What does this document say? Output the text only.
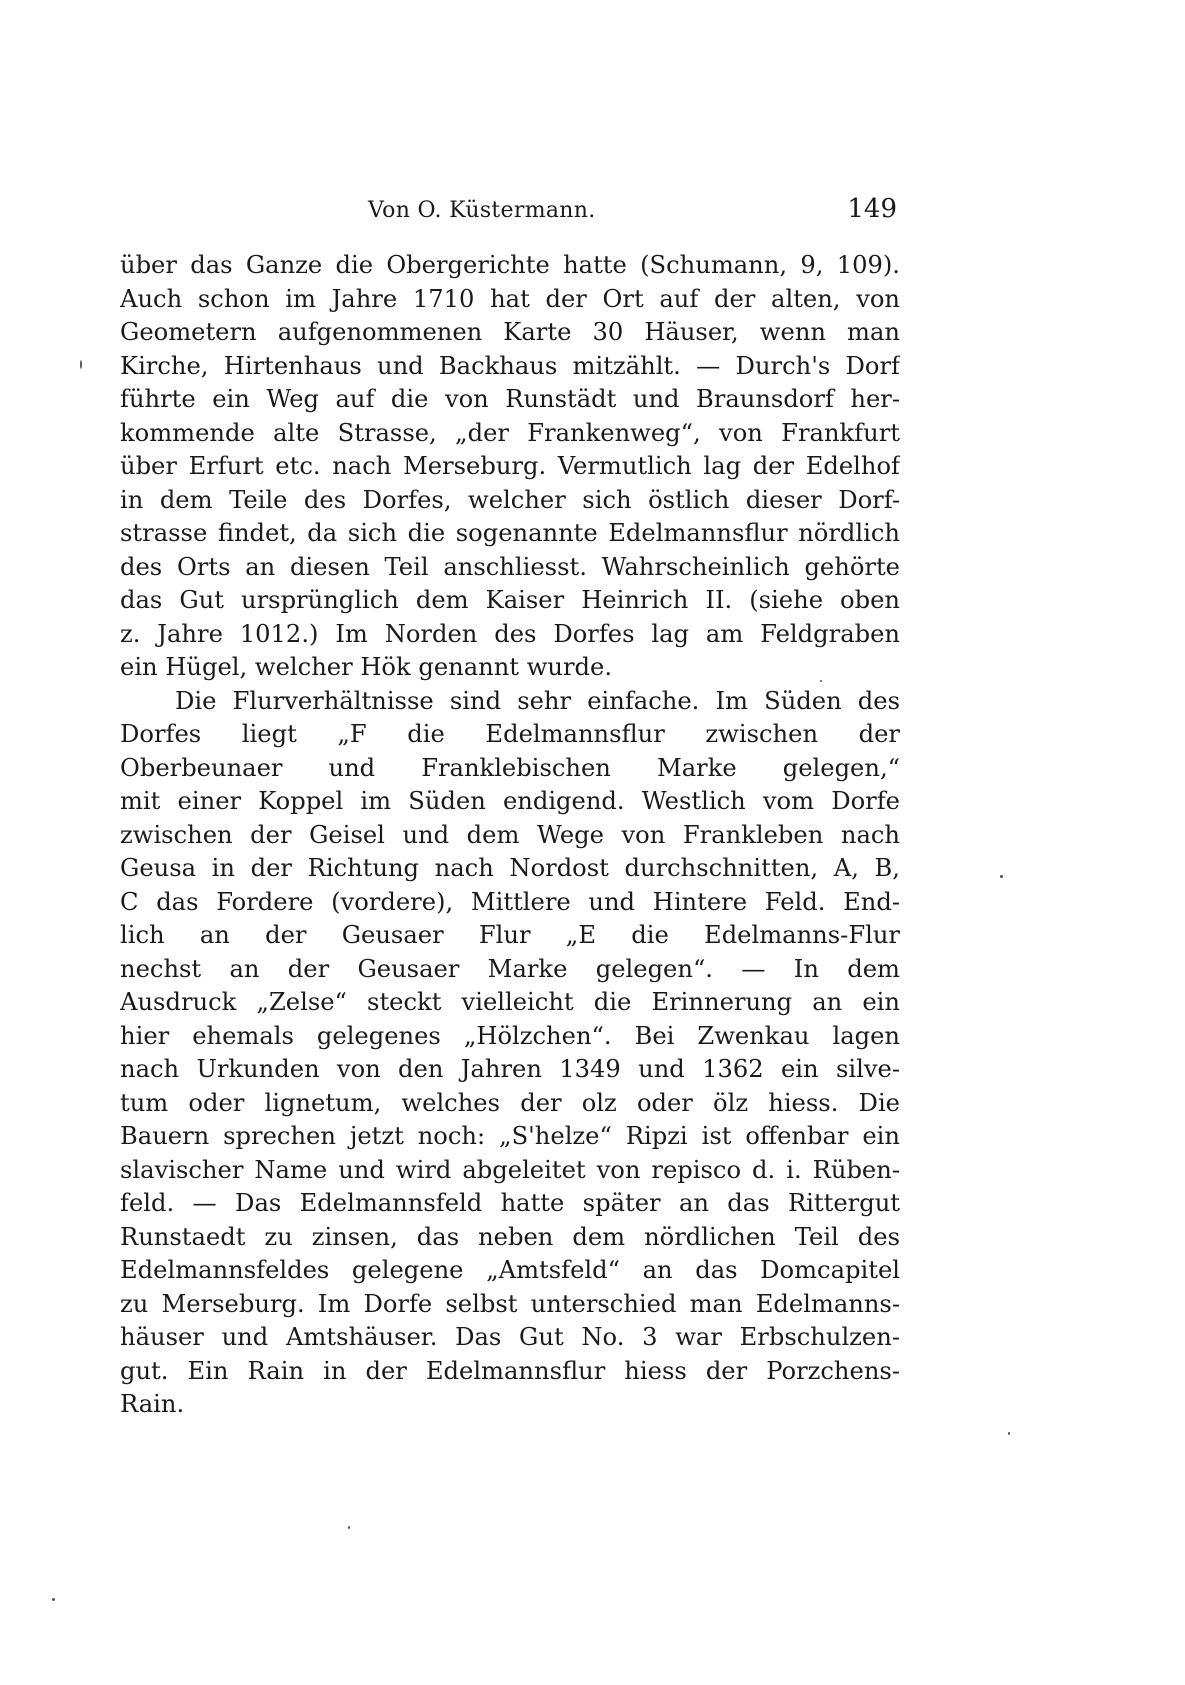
Von O. Küstermann.	149
über das Ganze die Obergerichte hatte (Schumann, 9, 109).
Auch schon im Jahre 1710 hat der Ort auf der alten, von
Geometern aufgenommenen Karte 30 Häuser, wenn man
Kirche, Hirtenhaus und Backhaus mitzählt. — Durch's Dorf
führte ein Weg auf die von Runstädt und Braunsdorf her-
kommende alte Strasse, „der Frankenweg“, von Frankfurt
über Erfurt etc. nach Merseburg. Vermutlich lag der Edelhof
in dem Teile des Dorfes, welcher sich östlich dieser Dorf-
strasse findet, da sich die sogenannte Edelmannsflur nördlich
des Orts an diesen Teil anschliesst. Wahrscheinlich gehörte
das Gut ursprünglich dem Kaiser Heinrich II. (siehe oben
z. Jahre 1012.) Im Norden des Dorfes lag am Feldgraben
ein Hügel, welcher Hök genannt wurde.
Die Flurverhältnisse sind sehr einfache. Im Süden des
Dorfes liegt „F die Edelmannsflur zwischen der
Oberbeunaer und Franklebischen Marke gelegen,“
mit einer Koppel im Süden endigend. Westlich vom Dorfe
zwischen der Geisel und dem Wege von Frankleben nach
Geusa in der Richtung nach Nordost durchschnitten, A, B,
C das Fordere (vordere), Mittlere und Hintere Feld. End-
lich an der Geusaer Flur „E die Edelmanns-Flur
nechst an der Geusaer Marke gelegen“. — In dem
Ausdruck „Zelse“ steckt vielleicht die Erinnerung an ein
hier ehemals gelegenes „Hölzchen“. Bei Zwenkau lagen
nach Urkunden von den Jahren 1349 und 1362 ein silve-
tum oder lignetum, welches der olz oder ölz hiess. Die
Bauern sprechen jetzt noch: „S'helze“ Ripzi ist offenbar ein
slavischer Name und wird abgeleitet von repisco d. i. Rüben-
feld. — Das Edelmannsfeld hatte später an das Rittergut
Runstaedt zu zinsen, das neben dem nördlichen Teil des
Edelmannsfeldes gelegene „Amtsfeld“ an das Domcapitel
zu Merseburg. Im Dorfe selbst unterschied man Edelmanns-
häuser und Amtshäuser. Das Gut No. 3 war Erbschulzen-
gut. Ein Rain in der Edelmannsflur hiess der Porzchens-
Rain.
